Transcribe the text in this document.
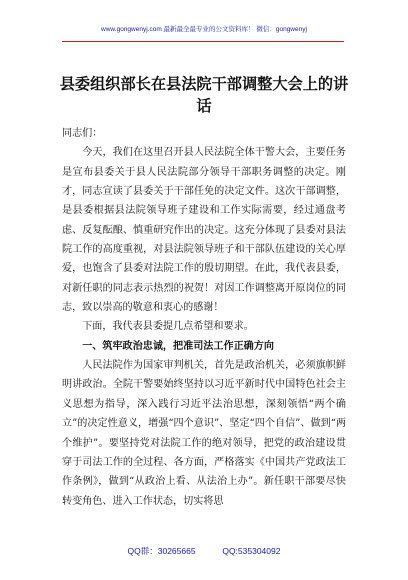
www.gongwenyj.com 最新最全最专业的公文资料库！ 微信：gongwenyj
县委组织部长在县法院干部调整大会上的讲话

同志们：

今天，我们在这里召开县人民法院全体干警大会，主要任务是宣布县委关于县人民法院部分领导干部职务调整的决定。刚才，同志宣读了县委关于干部任免的决定文件。这次干部调整，是县委根据县法院领导班子建设和工作实际需要，经过通盘考虑、反复酝酿、慎重研究作出的决定。这充分体现了县委对县法院工作的高度重视，对县法院领导班子和干部队伍建设的关心厚爱，也饱含了县委对法院工作的殷切期望。在此，我代表县委，对新任职的同志表示热烈的祝贺！对因工作调整离开原岗位的同志，致以崇高的敬意和衷心的感谢！

下面，我代表县委提几点希望和要求。

一、筑牢政治忠诚，把准司法工作正确方向

人民法院作为国家审判机关，首先是政治机关，必须旗帜鲜明讲政治。全院干警要始终坚持以习近平新时代中国特色社会主义思想为指导，深入践行习近平法治思想，深刻领悟“两个确立”的决定性意义，增强“四个意识”、坚定“四个自信”、做到“两个维护”。要坚持党对法院工作的绝对领导，把党的政治建设贯穿于司法工作的全过程、各方面，严格落实《中国共产党政法工作条例》，做到“从政治上看、从法治上办”。新任职干部要尽快转变角色、进入工作状态，切实将思

QQ群：30265665	QQ:535304092
